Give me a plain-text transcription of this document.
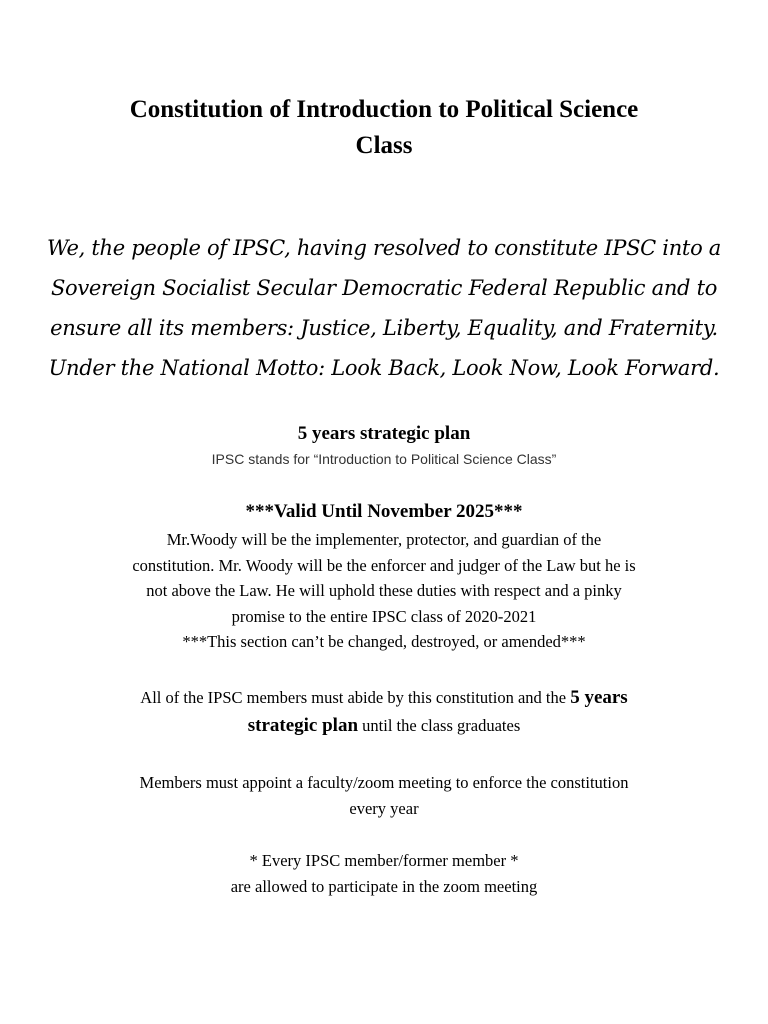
Constitution of Introduction to Political Science
Class
We, the people of IPSC, having resolved to constitute IPSC into a
Sovereign Socialist Secular Democratic Federal Republic and to
ensure all its members: Justice, Liberty, Equality, and Fraternity.
Under the National Motto: Look Back, Look Now, Look Forward.
5 years strategic plan
IPSC stands for “Introduction to Political Science Class”
***Valid Until November 2025***
Mr.Woody will be the implementer, protector, and guardian of the
constitution. Mr. Woody will be the enforcer and judger of the Law but he is
not above the Law. He will uphold these duties with respect and a pinky
promise to the entire IPSC class of 2020-2021
***This section can’t be changed, destroyed, or amended***
All of the IPSC members must abide by this constitution and the 5 years
strategic plan until the class graduates
Members must appoint a faculty/zoom meeting to enforce the constitution
every year
* Every IPSC member/former member *
are allowed to participate in the zoom meeting
